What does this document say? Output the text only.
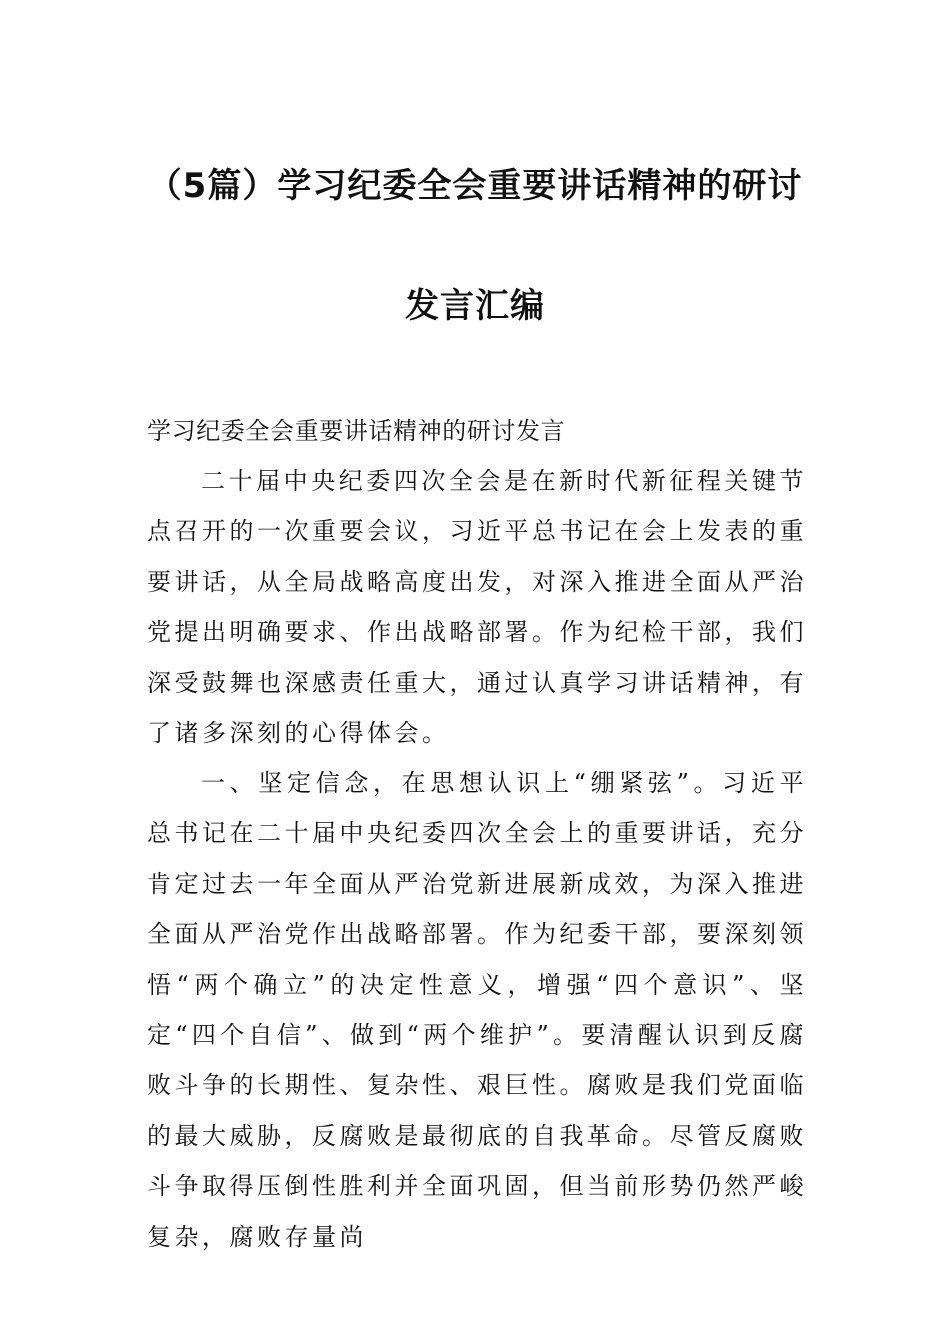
（5篇）学习纪委全会重要讲话精神的研讨
发言汇编

学习纪委全会重要讲话精神的研讨发言

二十届中央纪委四次全会是在新时代新征程关键节点召开的一次重要会议，习近平总书记在会上发表的重要讲话，从全局战略高度出发，对深入推进全面从严治党提出明确要求、作出战略部署。作为纪检干部，我们深受鼓舞也深感责任重大，通过认真学习讲话精神，有了诸多深刻的心得体会。

一、坚定信念，在思想认识上“绷紧弦”。习近平总书记在二十届中央纪委四次全会上的重要讲话，充分肯定过去一年全面从严治党新进展新成效，为深入推进全面从严治党作出战略部署。作为纪委干部，要深刻领悟“两个确立”的决定性意义，增强“四个意识”、坚定“四个自信”、做到“两个维护”。要清醒认识到反腐败斗争的长期性、复杂性、艰巨性。腐败是我们党面临的最大威胁，反腐败是最彻底的自我革命。尽管反腐败斗争取得压倒性胜利并全面巩固，但当前形势仍然严峻复杂，腐败存量尚
